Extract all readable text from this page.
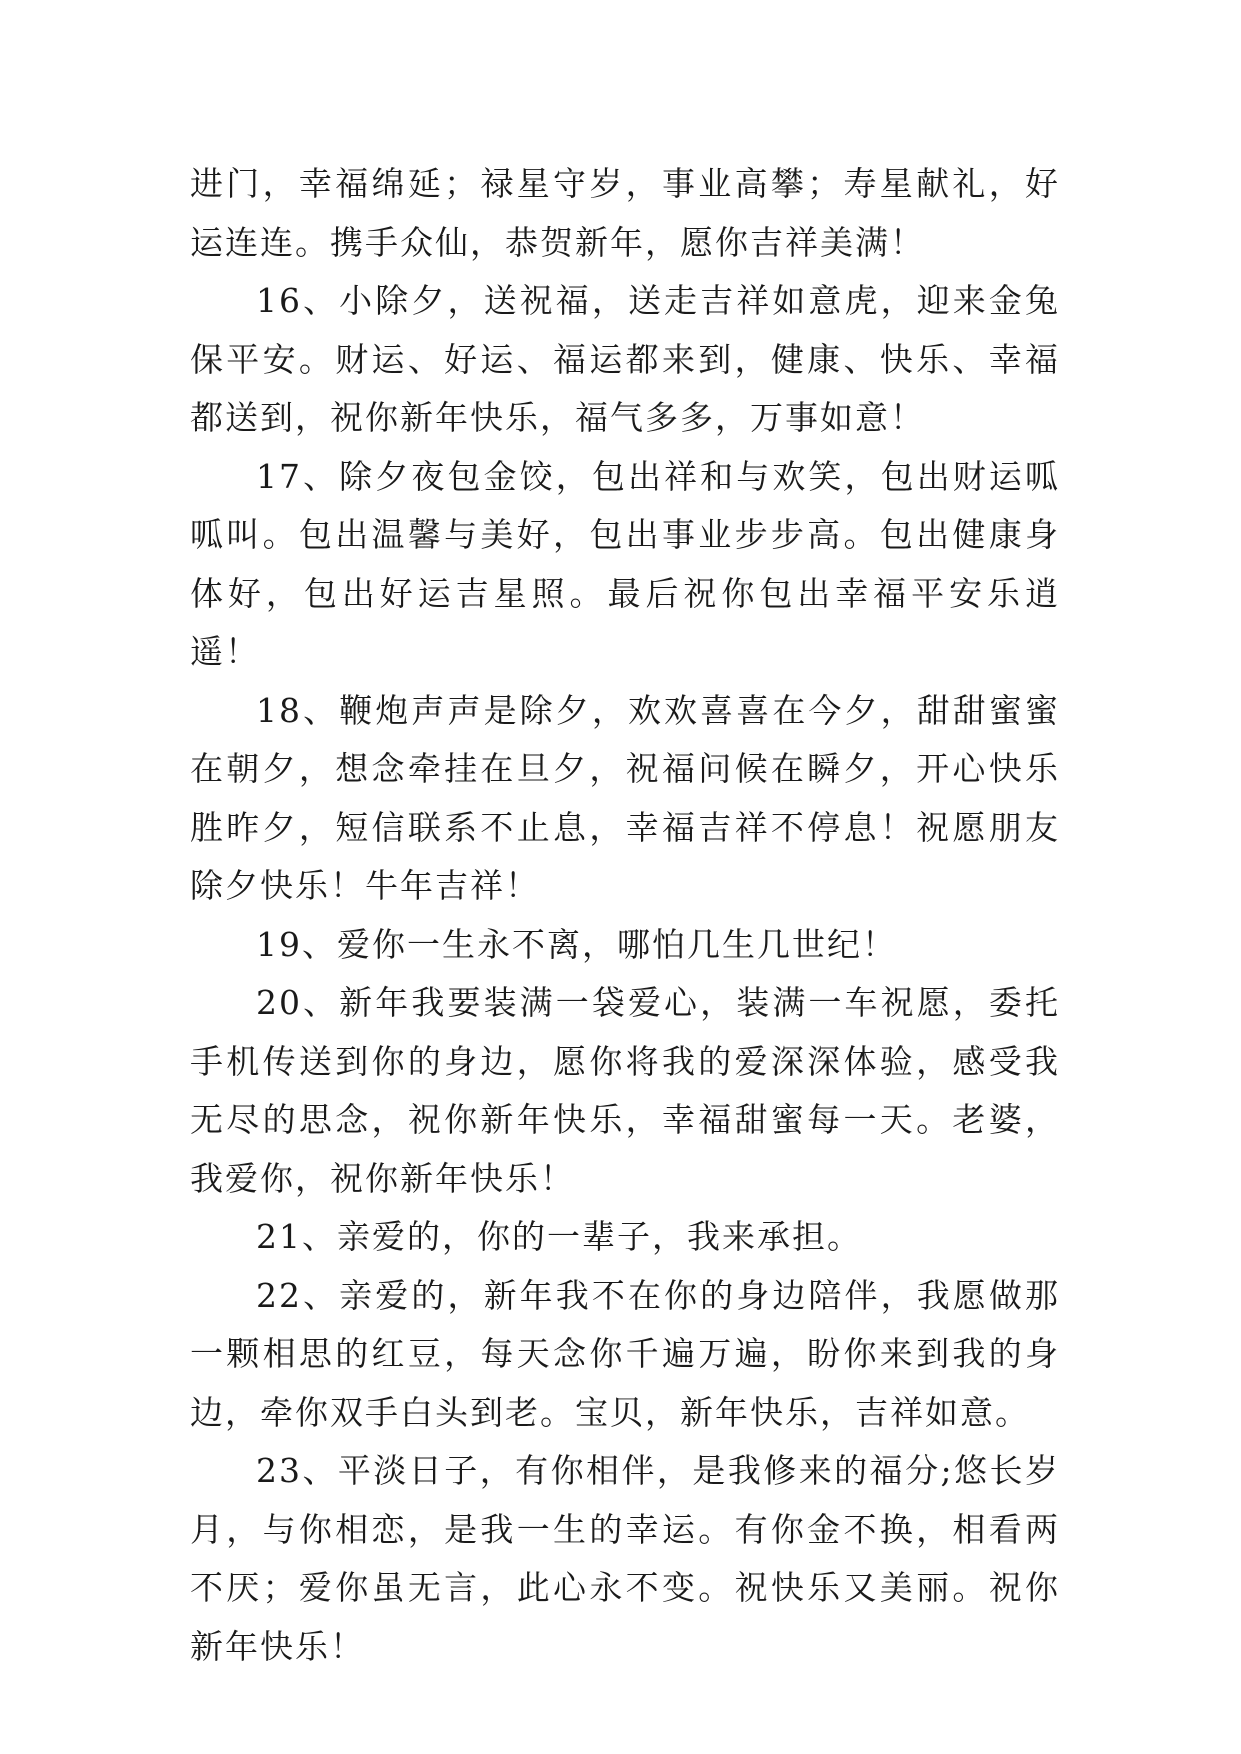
进门，幸福绵延；禄星守岁，事业高攀；寿星献礼，好运连连。携手众仙，恭贺新年，愿你吉祥美满！

16、小除夕，送祝福，送走吉祥如意虎，迎来金兔保平安。财运、好运、福运都来到，健康、快乐、幸福都送到，祝你新年快乐，福气多多，万事如意！

17、除夕夜包金饺，包出祥和与欢笑，包出财运呱呱叫。包出温馨与美好，包出事业步步高。包出健康身体好，包出好运吉星照。最后祝你包出幸福平安乐逍遥！

18、鞭炮声声是除夕，欢欢喜喜在今夕，甜甜蜜蜜在朝夕，想念牵挂在旦夕，祝福问候在瞬夕，开心快乐胜昨夕，短信联系不止息，幸福吉祥不停息！祝愿朋友除夕快乐！牛年吉祥！

19、爱你一生永不离，哪怕几生几世纪！

20、新年我要装满一袋爱心，装满一车祝愿，委托手机传送到你的身边，愿你将我的爱深深体验，感受我无尽的思念，祝你新年快乐，幸福甜蜜每一天。老婆，我爱你，祝你新年快乐！

21、亲爱的，你的一辈子，我来承担。

22、亲爱的，新年我不在你的身边陪伴，我愿做那一颗相思的红豆，每天念你千遍万遍，盼你来到我的身边，牵你双手白头到老。宝贝，新年快乐，吉祥如意。

23、平淡日子，有你相伴，是我修来的福分;悠长岁月，与你相恋，是我一生的幸运。有你金不换，相看两不厌；爱你虽无言，此心永不变。祝快乐又美丽。祝你新年快乐！
